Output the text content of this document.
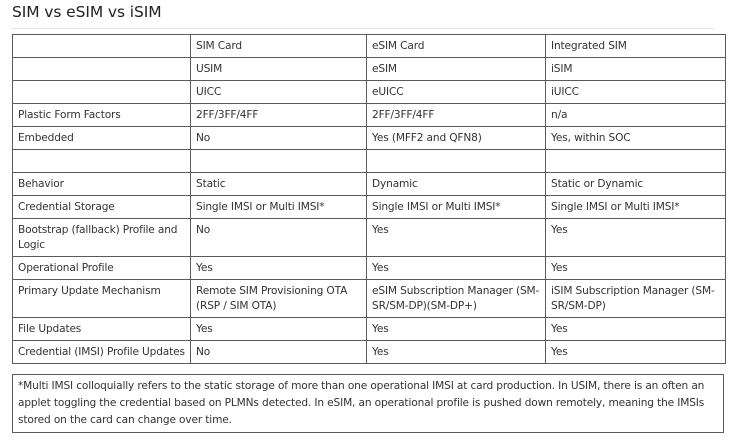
SIM vs eSIM vs iSIM
	SIM Card	eSIM Card	Integrated SIM
	USIM	eSIM	iSIM
	UICC	eUICC	iUICC
Plastic Form Factors	2FF/3FF/4FF	2FF/3FF/4FF	n/a
Embedded	No	Yes (MFF2 and QFN8)	Yes, within SOC

Behavior	Static	Dynamic	Static or Dynamic
Credential Storage	Single IMSI or Multi IMSI*	Single IMSI or Multi IMSI*	Single IMSI or Multi IMSI*
Bootstrap (fallback) Profile and Logic	No	Yes	Yes
Operational Profile	Yes	Yes	Yes
Primary Update Mechanism	Remote SIM Provisioning OTA (RSP / SIM OTA)	eSIM Subscription Manager (SM-SR/SM-DP)(SM-DP+)	iSIM Subscription Manager (SM-SR/SM-DP)
File Updates	Yes	Yes	Yes
Credential (IMSI) Profile Updates	No	Yes	Yes
*Multi IMSI colloquially refers to the static storage of more than one operational IMSI at card production. In USIM, there is an often an applet toggling the credential based on PLMNs detected. In eSIM, an operational profile is pushed down remotely, meaning the IMSIs stored on the card can change over time.
